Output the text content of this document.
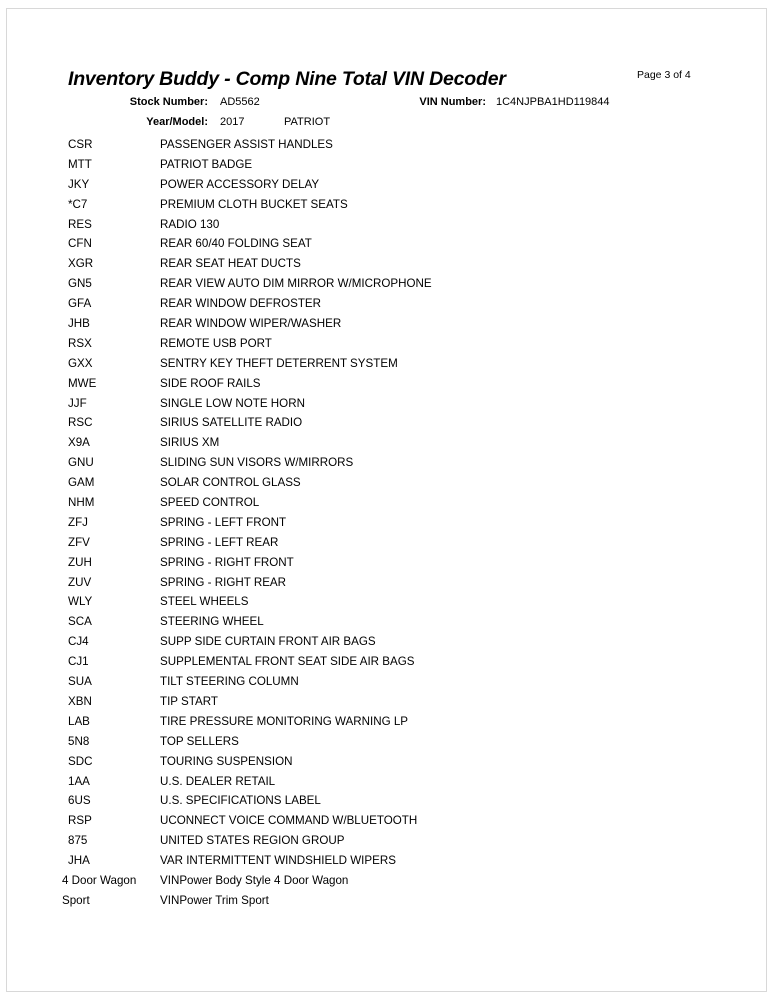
Inventory Buddy - Comp Nine Total VIN Decoder	Page 3 of 4
Stock Number: AD5562	VIN Number: 1C4NJPBA1HD119844
Year/Model: 2017	PATRIOT
CSR	PASSENGER ASSIST HANDLES
MTT	PATRIOT BADGE
JKY	POWER ACCESSORY DELAY
*C7	PREMIUM CLOTH BUCKET SEATS
RES	RADIO 130
CFN	REAR 60/40 FOLDING SEAT
XGR	REAR SEAT HEAT DUCTS
GN5	REAR VIEW AUTO DIM MIRROR W/MICROPHONE
GFA	REAR WINDOW DEFROSTER
JHB	REAR WINDOW WIPER/WASHER
RSX	REMOTE USB PORT
GXX	SENTRY KEY THEFT DETERRENT SYSTEM
MWE	SIDE ROOF RAILS
JJF	SINGLE LOW NOTE HORN
RSC	SIRIUS SATELLITE RADIO
X9A	SIRIUS XM
GNU	SLIDING SUN VISORS W/MIRRORS
GAM	SOLAR CONTROL GLASS
NHM	SPEED CONTROL
ZFJ	SPRING - LEFT FRONT
ZFV	SPRING - LEFT REAR
ZUH	SPRING - RIGHT FRONT
ZUV	SPRING - RIGHT REAR
WLY	STEEL WHEELS
SCA	STEERING WHEEL
CJ4	SUPP SIDE CURTAIN FRONT AIR BAGS
CJ1	SUPPLEMENTAL FRONT SEAT SIDE AIR BAGS
SUA	TILT STEERING COLUMN
XBN	TIP START
LAB	TIRE PRESSURE MONITORING WARNING LP
5N8	TOP SELLERS
SDC	TOURING SUSPENSION
1AA	U.S. DEALER RETAIL
6US	U.S. SPECIFICATIONS LABEL
RSP	UCONNECT VOICE COMMAND W/BLUETOOTH
875	UNITED STATES REGION GROUP
JHA	VAR INTERMITTENT WINDSHIELD WIPERS
4 Door Wagon	VINPower Body Style 4 Door Wagon
Sport	VINPower Trim Sport
